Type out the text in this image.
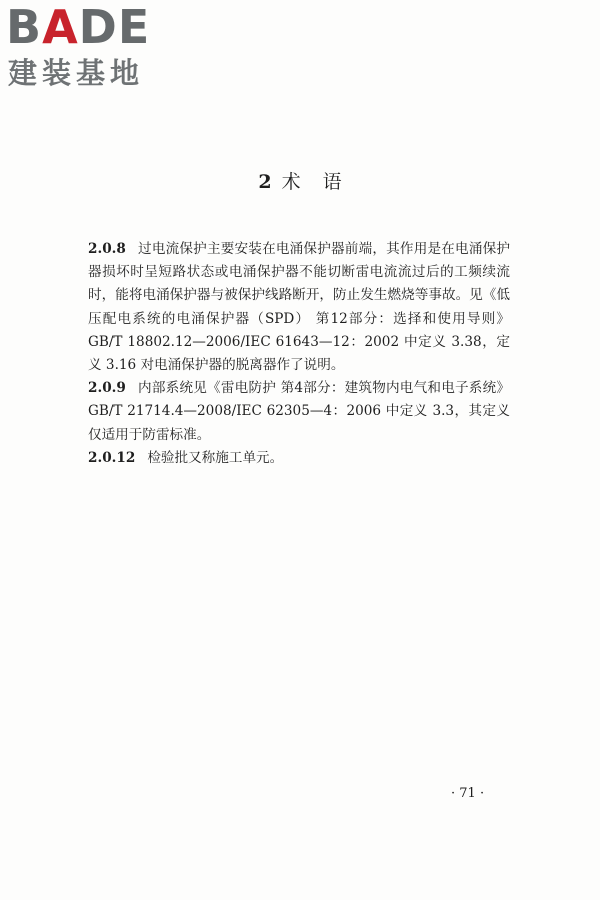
BADE
建装基地
2 术语

2.0.8 过电流保护主要安装在电涌保护器前端，其作用是在电涌保护器损坏时呈短路状态或电涌保护器不能切断雷电流流过后的工频续流时，能将电涌保护器与被保护线路断开，防止发生燃烧等事故。见《低压配电系统的电涌保护器（SPD） 第12部分：选择和使用导则》GB/T 18802.12—2006/IEC 61643—12：2002 中定义 3.38，定义 3.16 对电涌保护器的脱离器作了说明。

2.0.9 内部系统见《雷电防护 第4部分：建筑物内电气和电子系统》GB/T 21714.4—2008/IEC 62305—4：2006 中定义 3.3，其定义仅适用于防雷标准。

2.0.12 检验批又称施工单元。

· 71 ·
